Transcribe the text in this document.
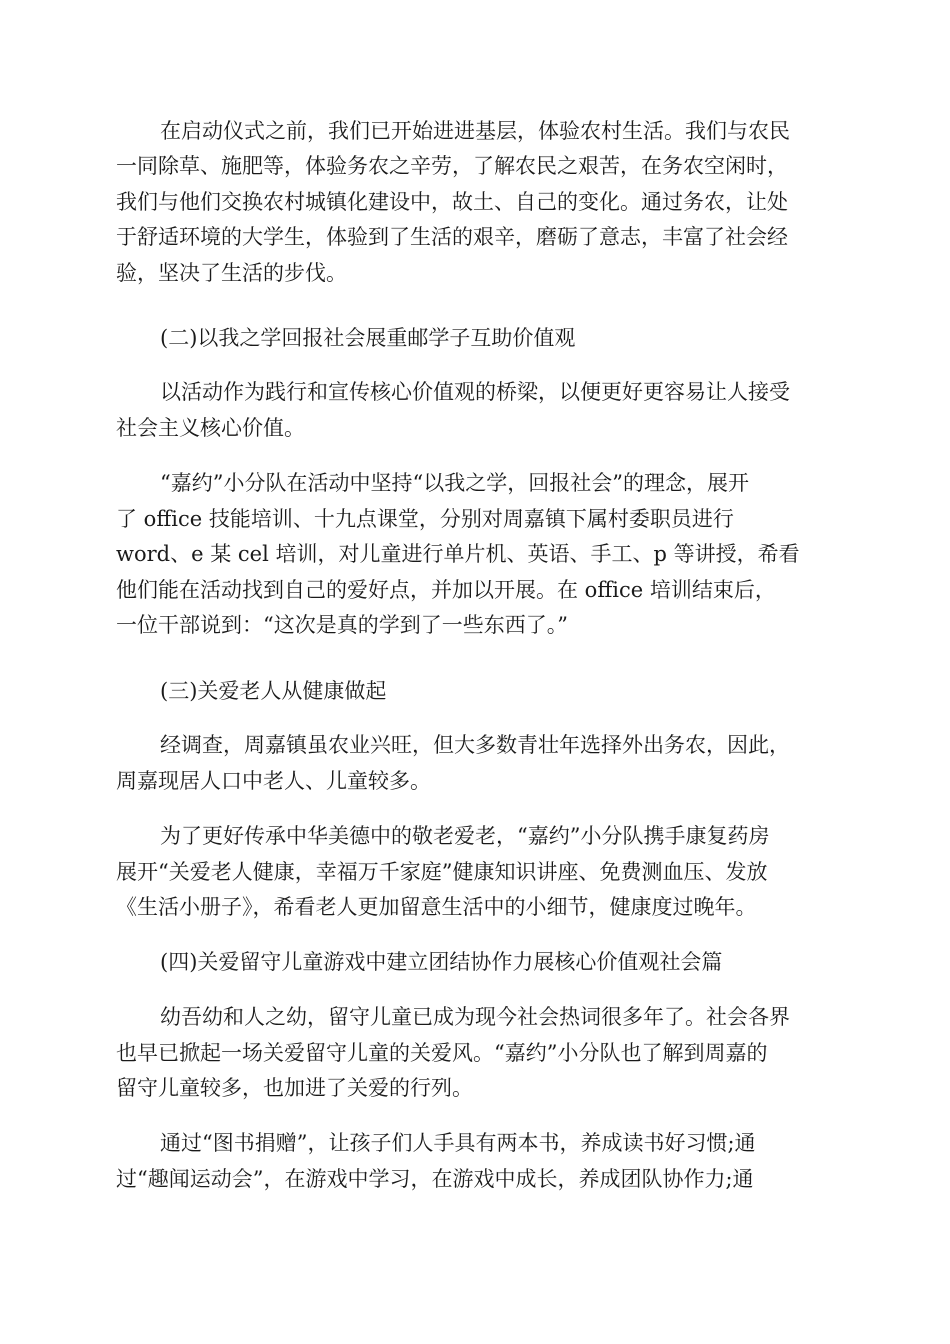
在启动仪式之前，我们已开始进进基层，体验农村生活。我们与农民
一同除草、施肥等，体验务农之辛劳，了解农民之艰苦，在务农空闲时，
我们与他们交换农村城镇化建设中，故土、自己的变化。通过务农，让处
于舒适环境的大学生，体验到了生活的艰辛，磨砺了意志，丰富了社会经
验，坚决了生活的步伐。
(二)以我之学回报社会展重邮学子互助价值观
以活动作为践行和宣传核心价值观的桥梁，以便更好更容易让人接受
社会主义核心价值。
“嘉约”小分队在活动中坚持“以我之学，回报社会”的理念，展开
了 office 技能培训、十九点课堂，分别对周嘉镇下属村委职员进行
word、e 某 cel 培训，对儿童进行单片机、英语、手工、p 等讲授，希看
他们能在活动找到自己的爱好点，并加以开展。在 office 培训结束后，
一位干部说到：“这次是真的学到了一些东西了。”
(三)关爱老人从健康做起
经调查，周嘉镇虽农业兴旺，但大多数青壮年选择外出务农，因此，
周嘉现居人口中老人、儿童较多。
为了更好传承中华美德中的敬老爱老，“嘉约”小分队携手康复药房
展开“关爱老人健康，幸福万千家庭”健康知识讲座、免费测血压、发放
《生活小册子》，希看老人更加留意生活中的小细节，健康度过晚年。
(四)关爱留守儿童游戏中建立团结协作力展核心价值观社会篇
幼吾幼和人之幼，留守儿童已成为现今社会热词很多年了。社会各界
也早已掀起一场关爱留守儿童的关爱风。“嘉约”小分队也了解到周嘉的
留守儿童较多，也加进了关爱的行列。
通过“图书捐赠”，让孩子们人手具有两本书，养成读书好习惯;通
过“趣闻运动会”，在游戏中学习，在游戏中成长，养成团队协作力;通
